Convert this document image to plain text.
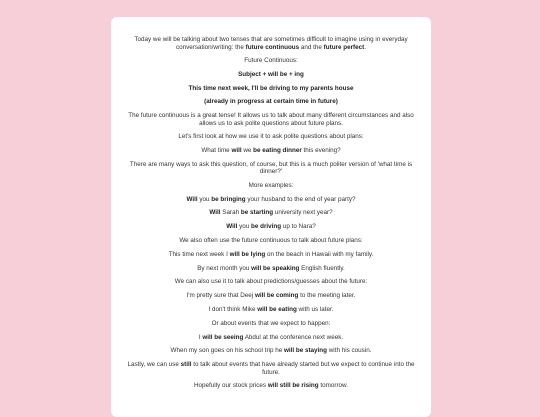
Today we will be talking about two tenses that are sometimes difficult to imagine using in everyday conversation/writing: the future continuous and the future perfect.

Future Continuous:

Subject + will be + ing

This time next week, I'll be driving to my parents house

(already in progress at certain time in future)

The future continuous is a great tense! It allows us to talk about many different circumstances and also allows us to ask polite questions about future plans.

Let's first look at how we use it to ask polite questions about plans:

What time will we be eating dinner this evening?

There are many ways to ask this question, of course, but this is a much politer version of 'what time is dinner?'

More examples:

Will you be bringing your husband to the end of year party?

Will Sarah be starting university next year?

Will you be driving up to Nara?

We also often use the future continuous to talk about future plans:

This time next week I will be lying on the beach in Hawaii with my family.

By next month you will be speaking English fluently.

We can also use it to talk about predictions/guesses about the future:

I'm pretty sure that Deej will be coming to the meeting later.

I don't think Mike will be eating with us later.

Or about events that we expect to happen:

I will be seeing Abdul at the conference next week.

When my son goes on his school trip he will be staying with his cousin.

Lastly, we can use still to talk about events that have already started but we expect to continue into the future.

Hopefully our stock prices will still be rising tomorrow.
